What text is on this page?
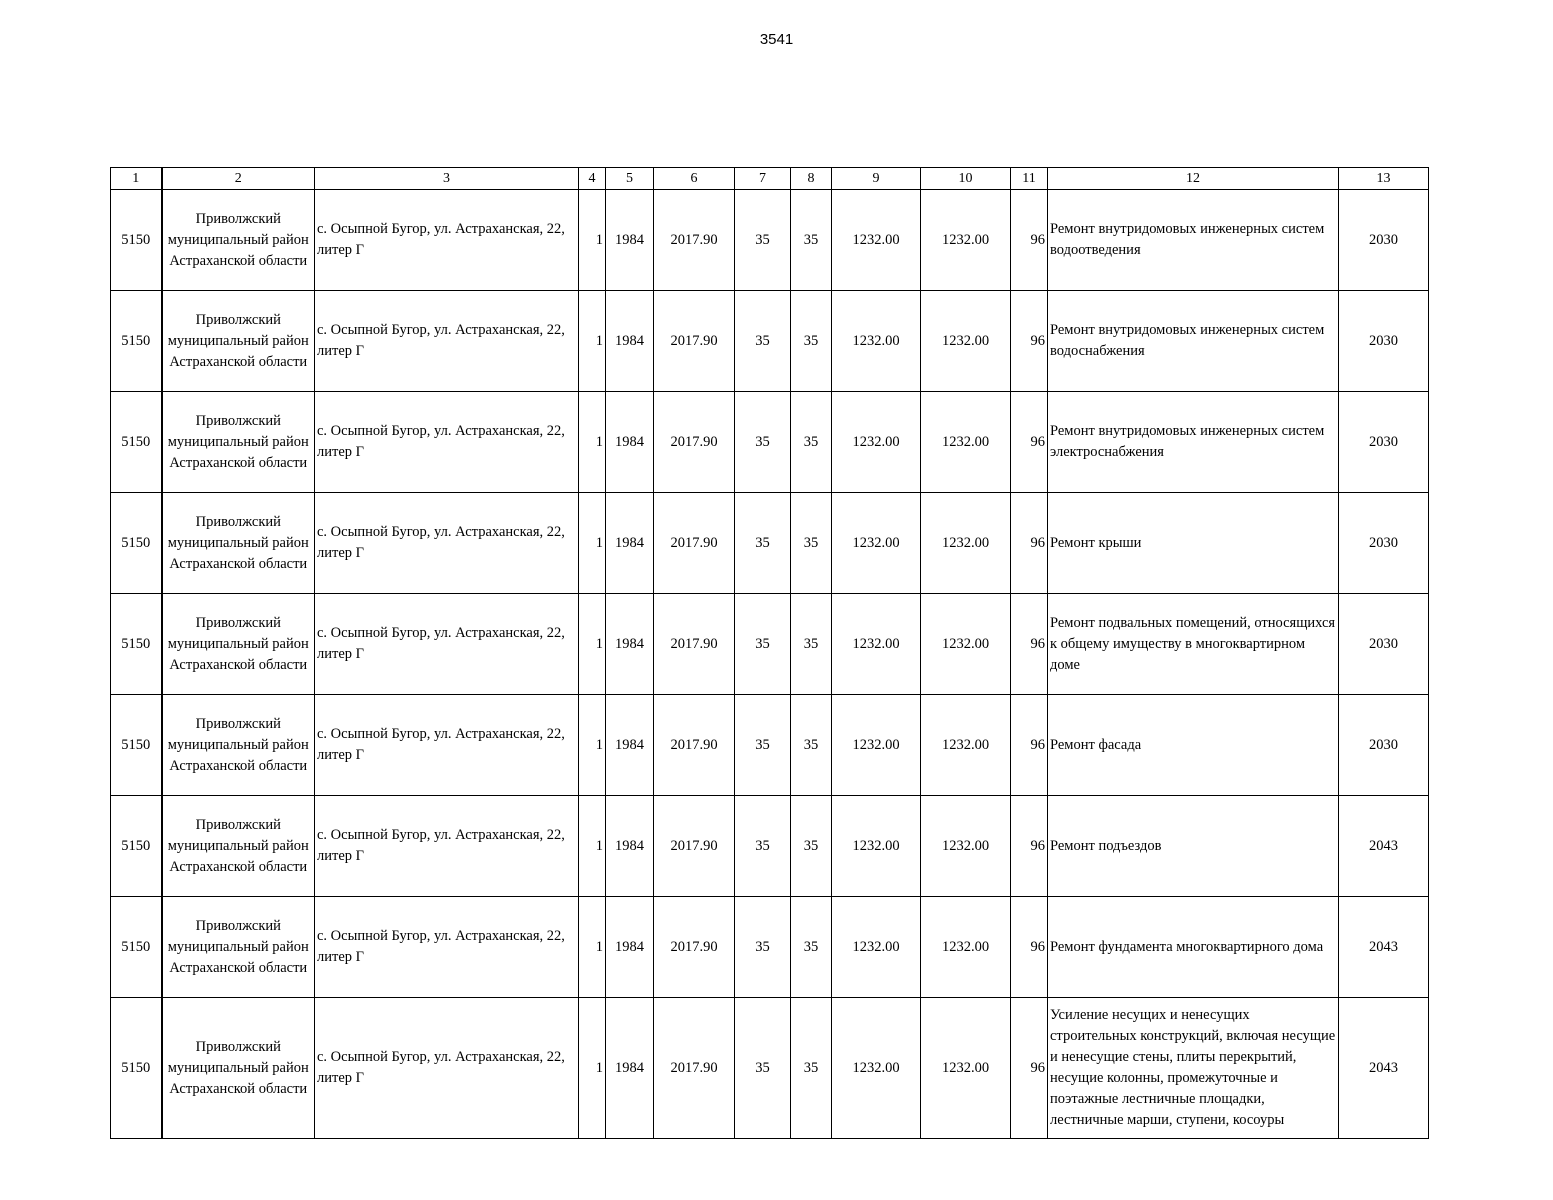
3541
1	2	3	4	5	6	7	8	9	10	11	12	13
5150	Приволжский муниципальный район Астраханской области	с. Осыпной Бугор, ул. Астраханская, 22, литер Г	1	1984	2017.90	35	35	1232.00	1232.00	96	Ремонт внутридомовых инженерных систем водоотведения	2030
5150	Приволжский муниципальный район Астраханской области	с. Осыпной Бугор, ул. Астраханская, 22, литер Г	1	1984	2017.90	35	35	1232.00	1232.00	96	Ремонт внутридомовых инженерных систем водоснабжения	2030
5150	Приволжский муниципальный район Астраханской области	с. Осыпной Бугор, ул. Астраханская, 22, литер Г	1	1984	2017.90	35	35	1232.00	1232.00	96	Ремонт внутридомовых инженерных систем электроснабжения	2030
5150	Приволжский муниципальный район Астраханской области	с. Осыпной Бугор, ул. Астраханская, 22, литер Г	1	1984	2017.90	35	35	1232.00	1232.00	96	Ремонт крыши	2030
5150	Приволжский муниципальный район Астраханской области	с. Осыпной Бугор, ул. Астраханская, 22, литер Г	1	1984	2017.90	35	35	1232.00	1232.00	96	Ремонт подвальных помещений, относящихся к общему имуществу в многоквартирном доме	2030
5150	Приволжский муниципальный район Астраханской области	с. Осыпной Бугор, ул. Астраханская, 22, литер Г	1	1984	2017.90	35	35	1232.00	1232.00	96	Ремонт фасада	2030
5150	Приволжский муниципальный район Астраханской области	с. Осыпной Бугор, ул. Астраханская, 22, литер Г	1	1984	2017.90	35	35	1232.00	1232.00	96	Ремонт подъездов	2043
5150	Приволжский муниципальный район Астраханской области	с. Осыпной Бугор, ул. Астраханская, 22, литер Г	1	1984	2017.90	35	35	1232.00	1232.00	96	Ремонт фундамента многоквартирного дома	2043
5150	Приволжский муниципальный район Астраханской области	с. Осыпной Бугор, ул. Астраханская, 22, литер Г	1	1984	2017.90	35	35	1232.00	1232.00	96	Усиление несущих и ненесущих строительных конструкций, включая несущие и ненесущие стены, плиты перекрытий, несущие колонны, промежуточные и поэтажные лестничные площадки, лестничные марши, ступени, косоуры	2043
